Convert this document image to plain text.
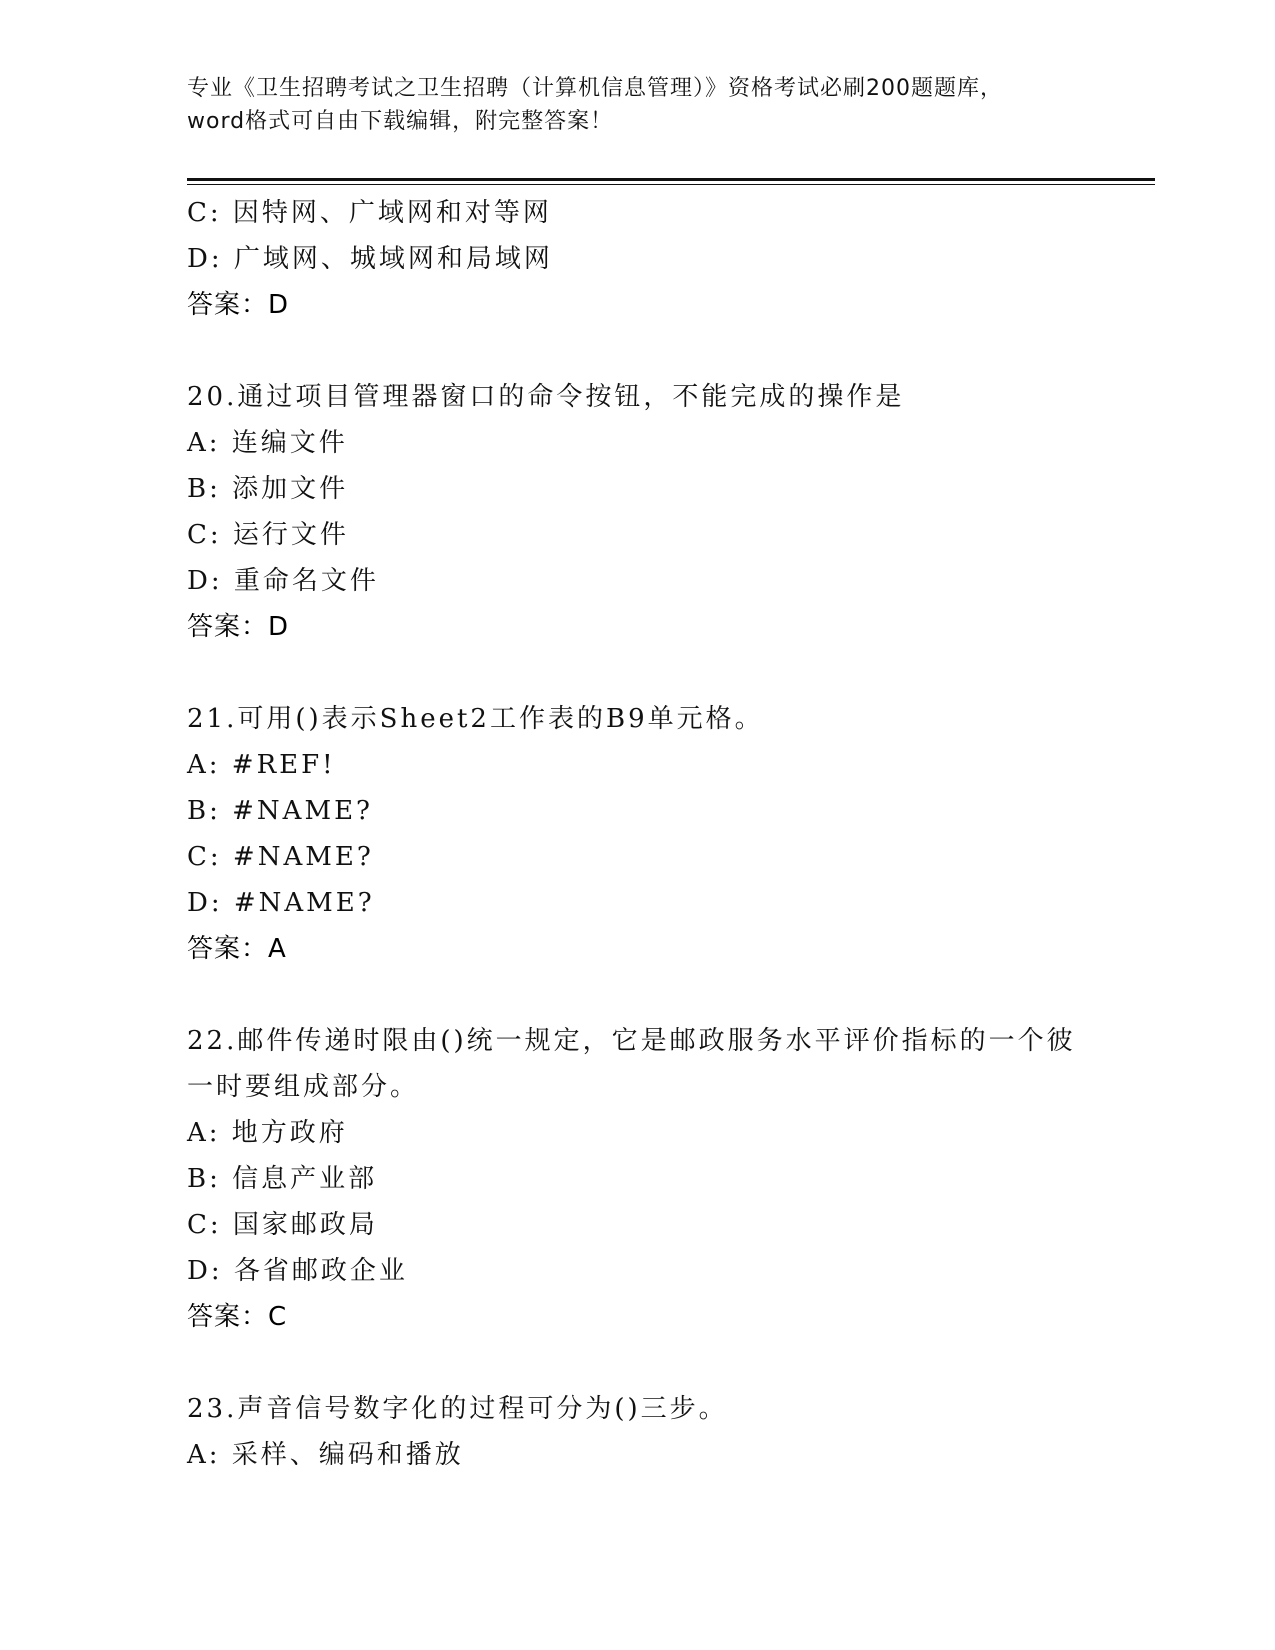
专业《卫生招聘考试之卫生招聘（计算机信息管理）》资格考试必刷200题题库，
word格式可自由下载编辑，附完整答案！
C: 因特网、广域网和对等网
D: 广域网、城域网和局域网
答案：D
20.通过项目管理器窗口的命令按钮，不能完成的操作是
A: 连编文件
B: 添加文件
C: 运行文件
D: 重命名文件
答案：D
21.可用()表示Sheet2工作表的B9单元格。
A: #REF!
B: #NAME?
C: #NAME?
D: #NAME?
答案：A
22.邮件传递时限由()统一规定，它是邮政服务水平评价指标的一个彼
一时要组成部分。
A: 地方政府
B: 信息产业部
C: 国家邮政局
D: 各省邮政企业
答案：C
23.声音信号数字化的过程可分为()三步。
A: 采样、编码和播放
